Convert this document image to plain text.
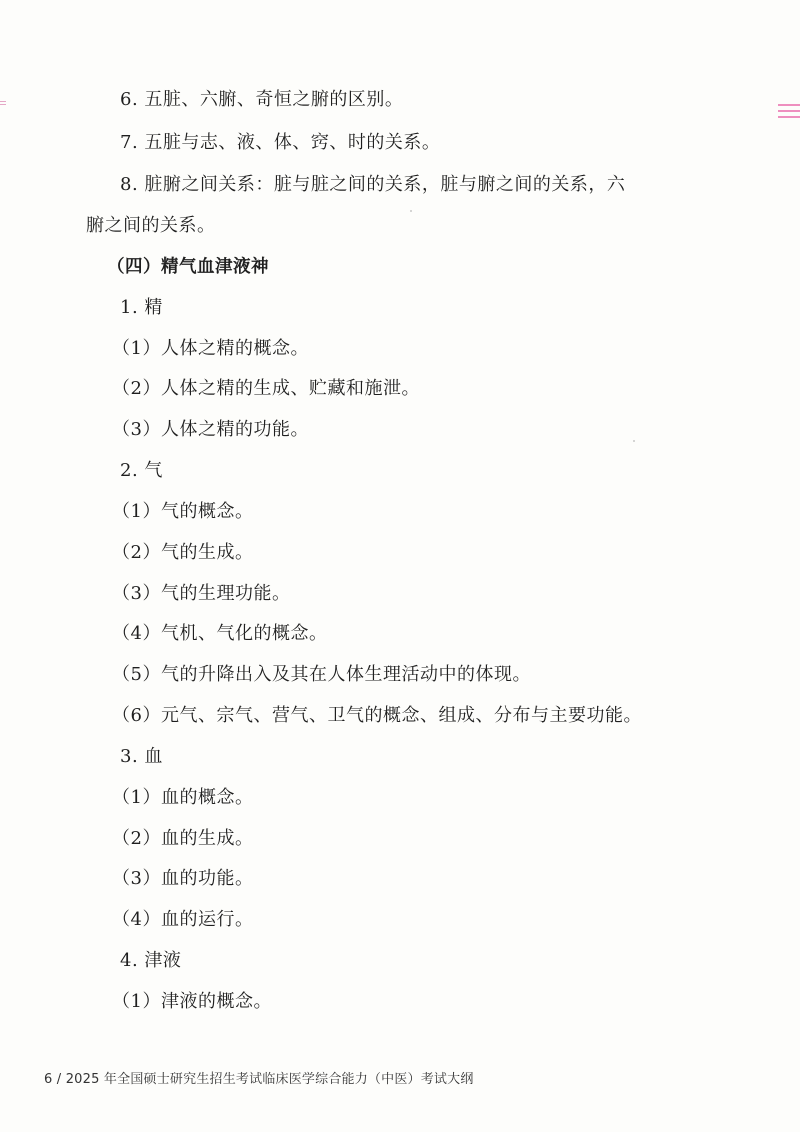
6. 五脏、六腑、奇恒之腑的区别。
7. 五脏与志、液、体、窍、时的关系。
8. 脏腑之间关系：脏与脏之间的关系，脏与腑之间的关系，六
腑之间的关系。
（四）精气血津液神
1. 精
（1）人体之精的概念。
（2）人体之精的生成、贮藏和施泄。
（3）人体之精的功能。
2. 气
（1）气的概念。
（2）气的生成。
（3）气的生理功能。
（4）气机、气化的概念。
（5）气的升降出入及其在人体生理活动中的体现。
（6）元气、宗气、营气、卫气的概念、组成、分布与主要功能。
3. 血
（1）血的概念。
（2）血的生成。
（3）血的功能。
（4）血的运行。
4. 津液
（1）津液的概念。
6 / 2025 年全国硕士研究生招生考试临床医学综合能力（中医）考试大纲
